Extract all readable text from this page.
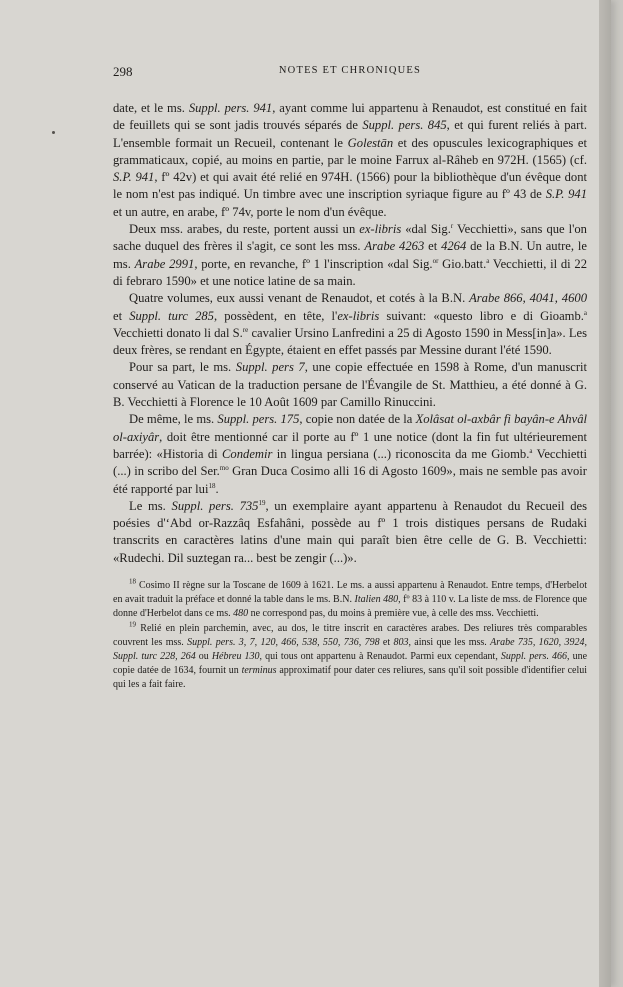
298	NOTES ET CHRONIQUES

date, et le ms. Suppl. pers. 941, ayant comme lui appartenu à Renaudot, est constitué en fait de feuillets qui se sont jadis trouvés séparés de Suppl. pers. 845, et qui furent reliés à part. L'ensemble formait un Recueil, contenant le Golestān et des opuscules lexicographiques et grammaticaux, copié, au moins en partie, par le moine Farrux al-Râheb en 972H. (1565) (cf. S.P. 941, fº 42v) et qui avait été relié en 974H. (1566) pour la bibliothèque d'un évêque dont le nom n'est pas indiqué. Un timbre avec une inscription syriaque figure au fº 43 de S.P. 941 et un autre, en arabe, fº 74v, porte le nom d'un évêque.

Deux mss. arabes, du reste, portent aussi un ex-libris «dal Sig.$^r$ Vecchietti», sans que l'on sache duquel des frères il s'agit, ce sont les mss. Arabe 4263 et 4264 de la B.N. Un autre, le ms. Arabe 2991, porte, en revanche, fº 1 l'inscription «dal Sig.$^{or}$ Gio.batt.$^a$ Vecchietti, il di 22 di febraro 1590» et une notice latine de sa main.

Quatre volumes, eux aussi venant de Renaudot, et cotés à la B.N. Arabe 866, 4041, 4600 et Suppl. turc 285, possèdent, en tête, l'ex-libris suivant: «questo libro e di Gioamb.$^a$ Vecchietti donato li dal S.$^{re}$ cavalier Ursino Lanfredini a 25 di Agosto 1590 in Mess[in]a». Les deux frères, se rendant en Égypte, étaient en effet passés par Messine durant l'été 1590.

Pour sa part, le ms. Suppl. pers 7, une copie effectuée en 1598 à Rome, d'un manuscrit conservé au Vatican de la traduction persane de l'Évangile de St. Matthieu, a été donné à G. B. Vecchietti à Florence le 10 Août 1609 par Camillo Rinuccini.

De même, le ms. Suppl. pers. 175, copie non datée de la Xolâsat ol-axbâr fi bayân-e Ahvâl ol-axiyâr, doit être mentionné car il porte au fº 1 une notice (dont la fin fut ultérieurement barrée): «Historia di Condemir in lingua persiana (...) riconoscita da me Giomb.$^a$ Vecchietti (...) in scribo del Ser.$^{mo}$ Gran Duca Cosimo alli 16 di Agosto 1609», mais ne semble pas avoir été rapporté par lui$^{18}$.

Le ms. Suppl. pers. $735^{19}$, un exemplaire ayant appartenu à Renaudot du Recueil des poésies d'‘Abd or-Razzâq Esfahâni, possède au fº 1 trois distiques persans de Rudaki transcrits en caractères latins d'une main qui paraît bien être celle de G. B. Vecchietti: «Rudechi. Dil suztegan ra... best be zengir (...)».

$^{18}$ Cosimo II règne sur la Toscane de 1609 à 1621. Le ms. a aussi appartenu à Renaudot. Entre temps, d'Herbelot en avait traduit la préface et donné la table dans le ms. B.N. Italien 480, fº 83 à 110 v. La liste de mss. de Florence que donne d'Herbelot dans ce ms. 480 ne correspond pas, du moins à première vue, à celle des mss. Vecchietti.

$^{19}$ Relié en plein parchemin, avec, au dos, le titre inscrit en caractères arabes. Des reliures très comparables couvrent les mss. Suppl. pers. 3, 7, 120, 466, 538, 550, 736, 798 et 803, ainsi que les mss. Arabe 735, 1620, 3924, Suppl. turc 228, 264 ou Hébreu 130, qui tous ont appartenu à Renaudot. Parmi eux cependant, Suppl. pers. 466, une copie datée de 1634, fournit un terminus approximatif pour dater ces reliures, sans qu'il soit possible d'identifier celui qui les a fait faire.
